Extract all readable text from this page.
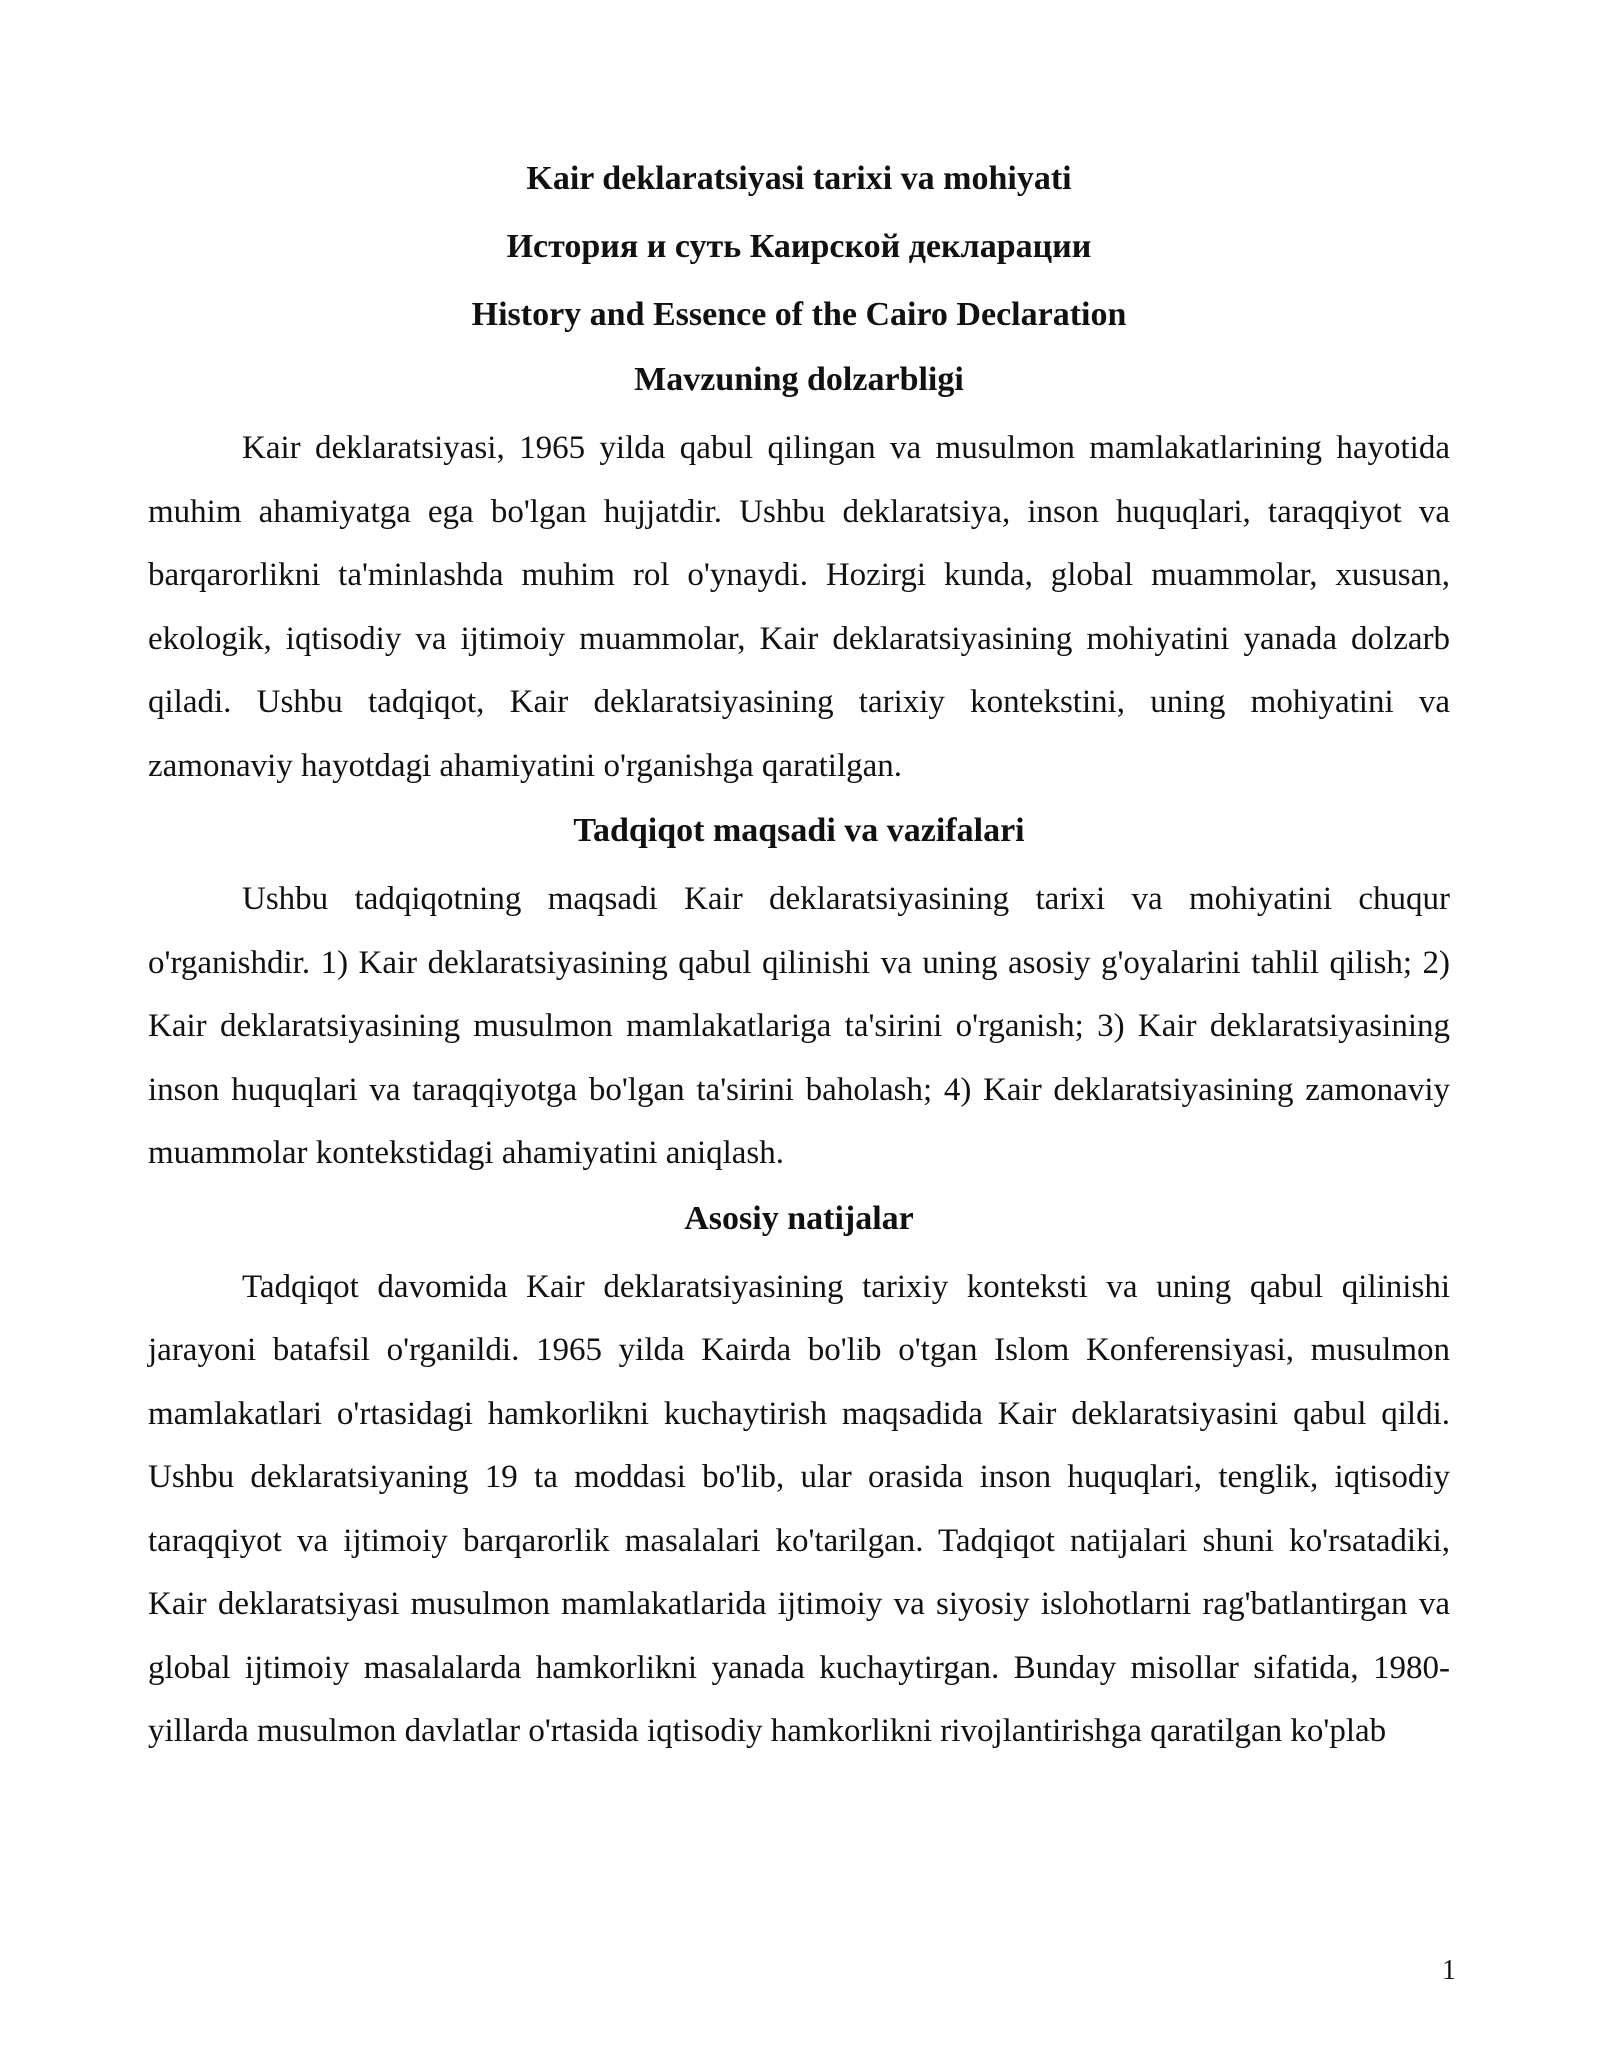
Kair deklaratsiyasi tarixi va mohiyati
История и суть Каирской декларации
History and Essence of the Cairo Declaration
Mavzuning dolzarbligi

Kair deklaratsiyasi, 1965 yilda qabul qilingan va musulmon mamlakatlarining hayotida muhim ahamiyatga ega bo'lgan hujjatdir. Ushbu deklaratsiya, inson huquqlari, taraqqiyot va barqarorlikni ta'minlashda muhim rol o'ynaydi. Hozirgi kunda, global muammolar, xususan, ekologik, iqtisodiy va ijtimoiy muammolar, Kair deklaratsiyasining mohiyatini yanada dolzarb qiladi. Ushbu tadqiqot, Kair deklaratsiyasining tarixiy kontekstini, uning mohiyatini va zamonaviy hayotdagi ahamiyatini o'rganishga qaratilgan.

Tadqiqot maqsadi va vazifalari

Ushbu tadqiqotning maqsadi Kair deklaratsiyasining tarixi va mohiyatini chuqur o'rganishdir. 1) Kair deklaratsiyasining qabul qilinishi va uning asosiy g'oyalarini tahlil qilish; 2) Kair deklaratsiyasining musulmon mamlakatlariga ta'sirini o'rganish; 3) Kair deklaratsiyasining inson huquqlari va taraqqiyotga bo'lgan ta'sirini baholash; 4) Kair deklaratsiyasining zamonaviy muammolar kontekstidagi ahamiyatini aniqlash.

Asosiy natijalar

Tadqiqot davomida Kair deklaratsiyasining tarixiy konteksti va uning qabul qilinishi jarayoni batafsil o'rganildi. 1965 yilda Kairda bo'lib o'tgan Islom Konferensiyasi, musulmon mamlakatlari o'rtasidagi hamkorlikni kuchaytirish maqsadida Kair deklaratsiyasini qabul qildi. Ushbu deklaratsiyaning 19 ta moddasi bo'lib, ular orasida inson huquqlari, tenglik, iqtisodiy taraqqiyot va ijtimoiy barqarorlik masalalari ko'tarilgan. Tadqiqot natijalari shuni ko'rsatadiki, Kair deklaratsiyasi musulmon mamlakatlarida ijtimoiy va siyosiy islohotlarni rag'batlantirgan va global ijtimoiy masalalarda hamkorlikni yanada kuchaytirgan. Bunday misollar sifatida, 1980-yillarda musulmon davlatlar o'rtasida iqtisodiy hamkorlikni rivojlantirishga qaratilgan ko'plab

1
